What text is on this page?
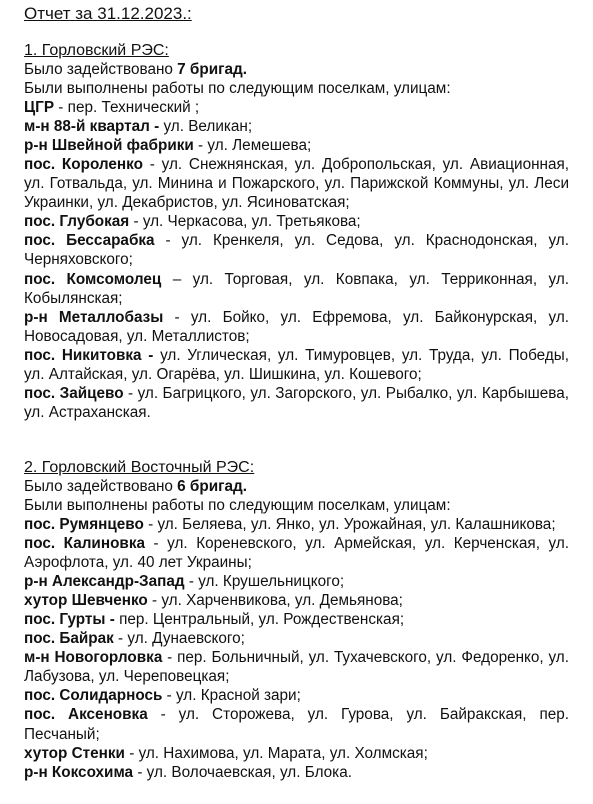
Отчет за 31.12.2023.:
1. Горловский РЭС:
Было задействовано 7 бригад.
Были выполнены работы по следующим поселкам, улицам:
ЦГР - пер. Технический ;
м-н 88-й квартал - ул. Великан;
р-н Швейной фабрики - ул. Лемешева;
пос. Короленко - ул. Снежнянская, ул. Добропольская, ул. Авиационная, ул. Готвальда, ул. Минина и Пожарского, ул. Парижской Коммуны, ул. Леси Украинки, ул. Декабристов, ул. Ясиноватская;
пос. Глубокая - ул. Черкасова, ул. Третьякова;
пос. Бессарабка - ул. Кренкеля, ул. Седова, ул. Краснодонская, ул. Черняховского;
пос. Комсомолец – ул. Торговая, ул. Ковпака, ул. Терриконная, ул. Кобылянская;
р-н Металлобазы - ул. Бойко, ул. Ефремова, ул. Байконурская, ул. Новосадовая, ул. Металлистов;
пос. Никитовка - ул. Углическая, ул. Тимуровцев, ул. Труда, ул. Победы, ул. Алтайская, ул. Огарёва, ул. Шишкина, ул. Кошевого;
пос. Зайцево - ул. Багрицкого, ул. Загорского, ул. Рыбалко, ул. Карбышева, ул. Астраханская.
2. Горловский Восточный РЭС:
Было задействовано 6 бригад.
Были выполнены работы по следующим поселкам, улицам:
пос. Румянцево - ул. Беляева, ул. Янко, ул. Урожайная, ул. Калашникова;
пос. Калиновка - ул. Кореневского, ул. Армейская, ул. Керченская, ул. Аэрофлота, ул. 40 лет Украины;
р-н Александр-Запад - ул. Крушельницкого;
хутор Шевченко - ул. Харченвикова, ул. Демьянова;
пос. Гурты - пер. Центральный, ул. Рождественская;
пос. Байрак - ул. Дунаевского;
м-н Новогорловка - пер. Больничный, ул. Тухачевского, ул. Федоренко, ул. Лабузова, ул. Череповецкая;
пос. Солидарнось - ул. Красной зари;
пос. Аксеновка - ул. Сторожева, ул. Гурова, ул. Байракская, пер. Песчаный;
хутор Стенки - ул. Нахимова, ул. Марата, ул. Холмская;
р-н Коксохима - ул. Волочаевская, ул. Блока.
